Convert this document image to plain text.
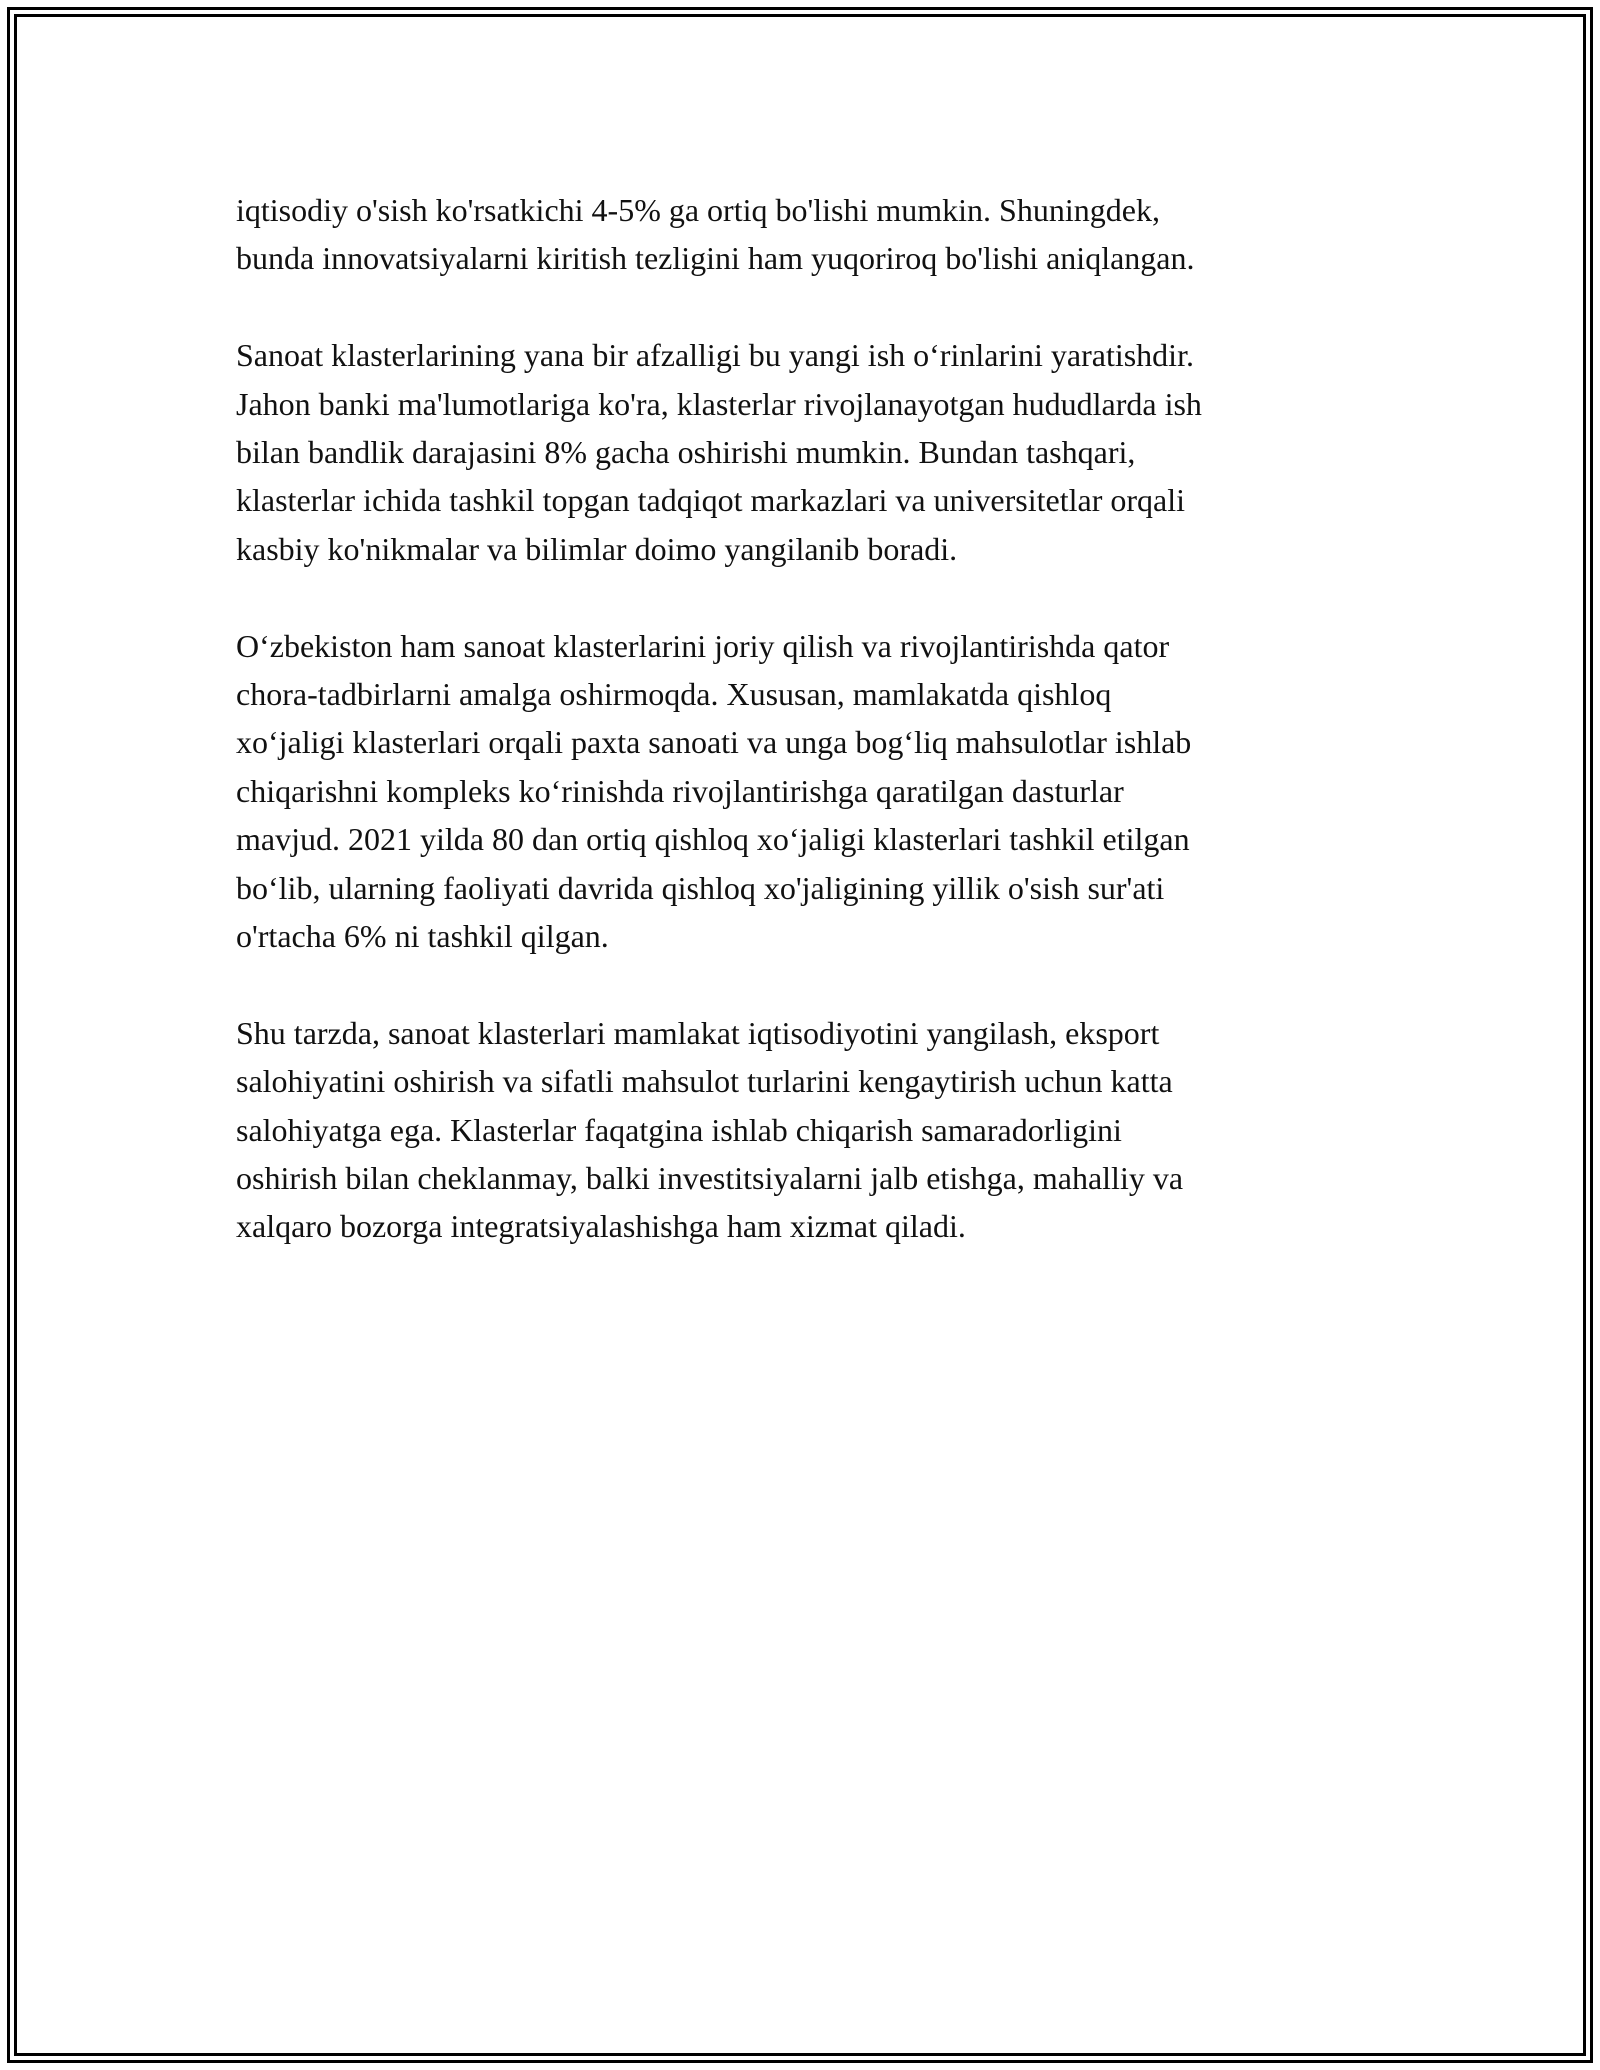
iqtisodiy o'sish ko'rsatkichi 4-5% ga ortiq bo'lishi mumkin. Shuningdek,
bunda innovatsiyalarni kiritish tezligini ham yuqoriroq bo'lishi aniqlangan.

Sanoat klasterlarining yana bir afzalligi bu yangi ish o‘rinlarini yaratishdir.
Jahon banki ma'lumotlariga ko'ra, klasterlar rivojlanayotgan hududlarda ish
bilan bandlik darajasini 8% gacha oshirishi mumkin. Bundan tashqari,
klasterlar ichida tashkil topgan tadqiqot markazlari va universitetlar orqali
kasbiy ko'nikmalar va bilimlar doimo yangilanib boradi.

O‘zbekiston ham sanoat klasterlarini joriy qilish va rivojlantirishda qator
chora-tadbirlarni amalga oshirmoqda. Xususan, mamlakatda qishloq
xo‘jaligi klasterlari orqali paxta sanoati va unga bog‘liq mahsulotlar ishlab
chiqarishni kompleks ko‘rinishda rivojlantirishga qaratilgan dasturlar
mavjud. 2021 yilda 80 dan ortiq qishloq xo‘jaligi klasterlari tashkil etilgan
bo‘lib, ularning faoliyati davrida qishloq xo'jaligining yillik o'sish sur'ati
o'rtacha 6% ni tashkil qilgan.

Shu tarzda, sanoat klasterlari mamlakat iqtisodiyotini yangilash, eksport
salohiyatini oshirish va sifatli mahsulot turlarini kengaytirish uchun katta
salohiyatga ega. Klasterlar faqatgina ishlab chiqarish samaradorligini
oshirish bilan cheklanmay, balki investitsiyalarni jalb etishga, mahalliy va
xalqaro bozorga integratsiyalashishga ham xizmat qiladi.
